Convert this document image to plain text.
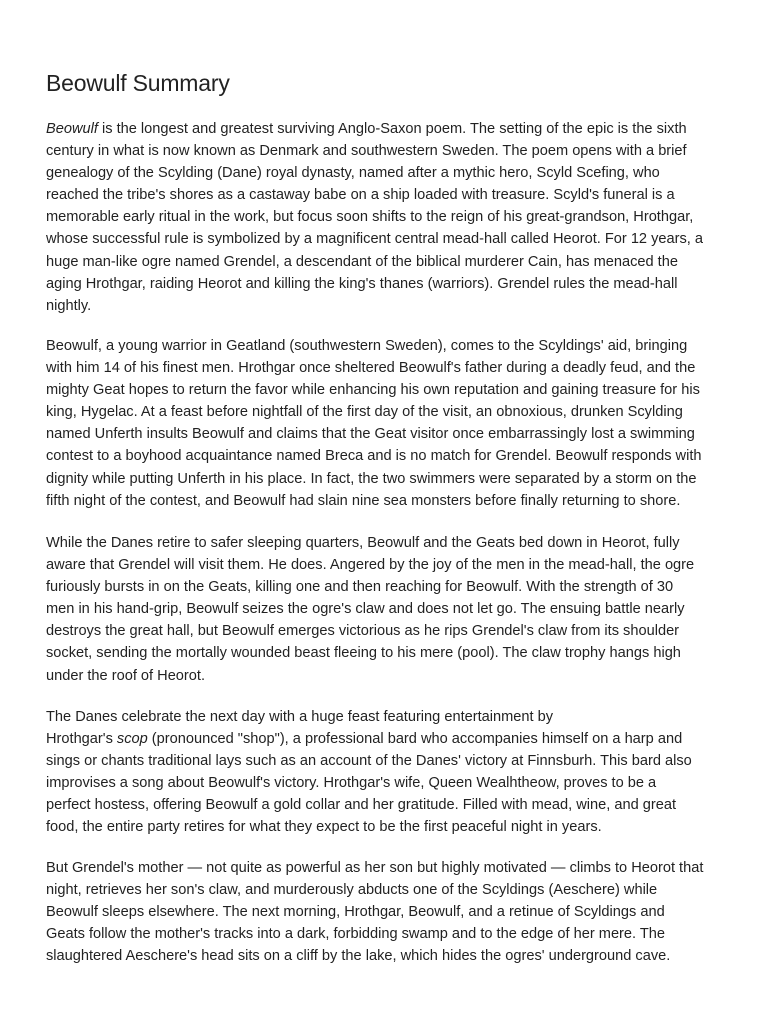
Beowulf Summary

Beowulf is the longest and greatest surviving Anglo-Saxon poem. The setting of the epic is the sixth
century in what is now known as Denmark and southwestern Sweden. The poem opens with a brief
genealogy of the Scylding (Dane) royal dynasty, named after a mythic hero, Scyld Scefing, who
reached the tribe's shores as a castaway babe on a ship loaded with treasure. Scyld's funeral is a
memorable early ritual in the work, but focus soon shifts to the reign of his great-grandson, Hrothgar,
whose successful rule is symbolized by a magnificent central mead-hall called Heorot. For 12 years, a
huge man-like ogre named Grendel, a descendant of the biblical murderer Cain, has menaced the
aging Hrothgar, raiding Heorot and killing the king's thanes (warriors). Grendel rules the mead-hall
nightly.

Beowulf, a young warrior in Geatland (southwestern Sweden), comes to the Scyldings' aid, bringing
with him 14 of his finest men. Hrothgar once sheltered Beowulf's father during a deadly feud, and the
mighty Geat hopes to return the favor while enhancing his own reputation and gaining treasure for his
king, Hygelac. At a feast before nightfall of the first day of the visit, an obnoxious, drunken Scylding
named Unferth insults Beowulf and claims that the Geat visitor once embarrassingly lost a swimming
contest to a boyhood acquaintance named Breca and is no match for Grendel. Beowulf responds with
dignity while putting Unferth in his place. In fact, the two swimmers were separated by a storm on the
fifth night of the contest, and Beowulf had slain nine sea monsters before finally returning to shore.

While the Danes retire to safer sleeping quarters, Beowulf and the Geats bed down in Heorot, fully
aware that Grendel will visit them. He does. Angered by the joy of the men in the mead-hall, the ogre
furiously bursts in on the Geats, killing one and then reaching for Beowulf. With the strength of 30
men in his hand-grip, Beowulf seizes the ogre's claw and does not let go. The ensuing battle nearly
destroys the great hall, but Beowulf emerges victorious as he rips Grendel's claw from its shoulder
socket, sending the mortally wounded beast fleeing to his mere (pool). The claw trophy hangs high
under the roof of Heorot.

The Danes celebrate the next day with a huge feast featuring entertainment by
Hrothgar's scop (pronounced "shop"), a professional bard who accompanies himself on a harp and
sings or chants traditional lays such as an account of the Danes' victory at Finnsburh. This bard also
improvises a song about Beowulf's victory. Hrothgar's wife, Queen Wealhtheow, proves to be a
perfect hostess, offering Beowulf a gold collar and her gratitude. Filled with mead, wine, and great
food, the entire party retires for what they expect to be the first peaceful night in years.

But Grendel's mother — not quite as powerful as her son but highly motivated — climbs to Heorot that
night, retrieves her son's claw, and murderously abducts one of the Scyldings (Aeschere) while
Beowulf sleeps elsewhere. The next morning, Hrothgar, Beowulf, and a retinue of Scyldings and
Geats follow the mother's tracks into a dark, forbidding swamp and to the edge of her mere. The
slaughtered Aeschere's head sits on a cliff by the lake, which hides the ogres' underground cave.
